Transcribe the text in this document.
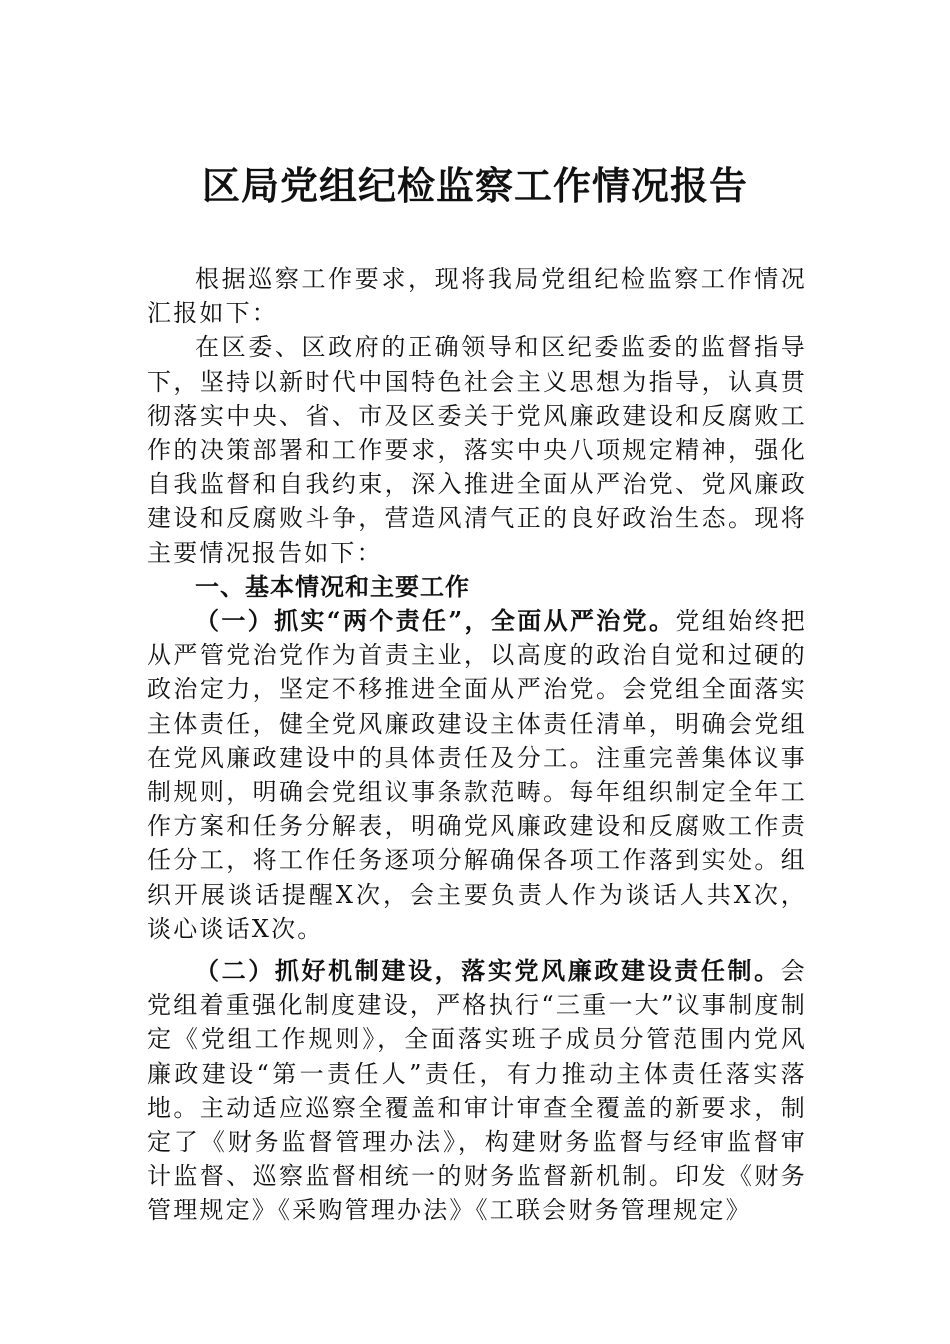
区局党组纪检监察工作情况报告

根据巡察工作要求，现将我局党组纪检监察工作情况汇报如下：

在区委、区政府的正确领导和区纪委监委的监督指导下，坚持以新时代中国特色社会主义思想为指导，认真贯彻落实中央、省、市及区委关于党风廉政建设和反腐败工作的决策部署和工作要求，落实中央八项规定精神，强化自我监督和自我约束，深入推进全面从严治党、党风廉政建设和反腐败斗争，营造风清气正的良好政治生态。现将主要情况报告如下：

一、基本情况和主要工作

（一）抓实“两个责任”，全面从严治党。党组始终把从严管党治党作为首责主业，以高度的政治自觉和过硬的政治定力，坚定不移推进全面从严治党。会党组全面落实主体责任，健全党风廉政建设主体责任清单，明确会党组在党风廉政建设中的具体责任及分工。注重完善集体议事制规则，明确会党组议事条款范畴。每年组织制定全年工作方案和任务分解表，明确党风廉政建设和反腐败工作责任分工，将工作任务逐项分解确保各项工作落到实处。组织开展谈话提醒X次，会主要负责人作为谈话人共X次，谈心谈话X次。

（二）抓好机制建设，落实党风廉政建设责任制。会党组着重强化制度建设，严格执行“三重一大”议事制度制定《党组工作规则》，全面落实班子成员分管范围内党风廉政建设“第一责任人”责任，有力推动主体责任落实落地。主动适应巡察全覆盖和审计审查全覆盖的新要求，制定了《财务监督管理办法》，构建财务监督与经审监督审计监督、巡察监督相统一的财务监督新机制。印发《财务管理规定》《采购管理办法》《工联会财务管理规定》
